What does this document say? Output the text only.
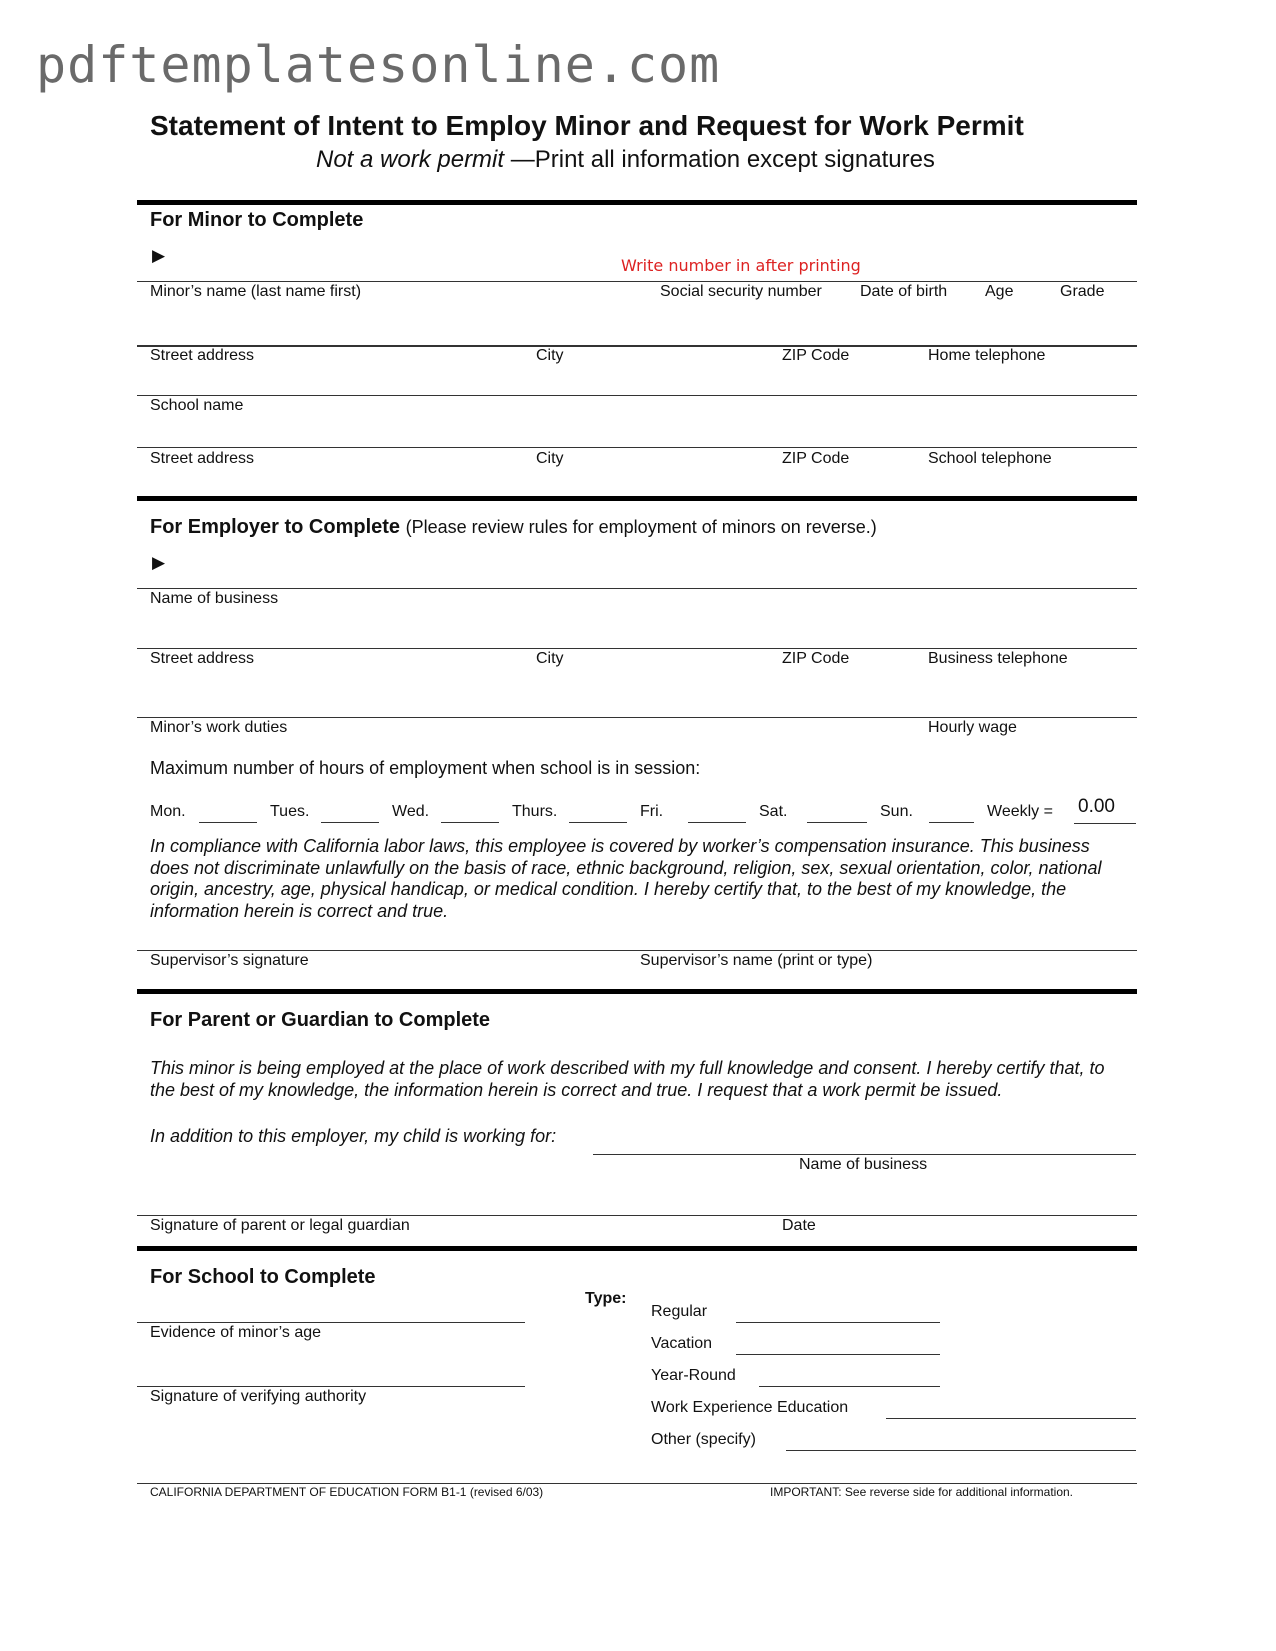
pdftemplatesonline.com
Statement of Intent to Employ Minor and Request for Work Permit
Not a work permit —Print all information except signatures
For Minor to Complete
▶
Write number in after printing
Minor’s name (last name first)	Social security number Date of birth Age	Grade
Street address	City	ZIP Code	Home telephone
School name
Street address	City	ZIP Code	School telephone
For Employer to Complete (Please review rules for employment of minors on reverse.)
▶
Name of business
Street address	City	ZIP Code	Business telephone
Minor’s work duties	Hourly wage
Maximum number of hours of employment when school is in session:
Mon.	Tues.	Wed.	Thurs.	Fri.	Sat.	Sun.	Weekly = 0.00
In compliance with California labor laws, this employee is covered by worker’s compensation insurance. This business does not discriminate unlawfully on the basis of race, ethnic background, religion, sex, sexual orientation, color, national origin, ancestry, age, physical handicap, or medical condition. I hereby certify that, to the best of my knowledge, the information herein is correct and true.
Supervisor’s signature	Supervisor’s name (print or type)
For Parent or Guardian to Complete
This minor is being employed at the place of work described with my full knowledge and consent. I hereby certify that, to the best of my knowledge, the information herein is correct and true. I request that a work permit be issued.
In addition to this employer, my child is working for:
Name of business
Signature of parent or legal guardian	Date
For School to Complete
Evidence of minor’s age
Signature of verifying authority
Type:
Regular
Vacation
Year-Round
Work Experience Education
Other (specify)
CALIFORNIA DEPARTMENT OF EDUCATION FORM B1-1 (revised 6/03)	IMPORTANT: See reverse side for additional information.
